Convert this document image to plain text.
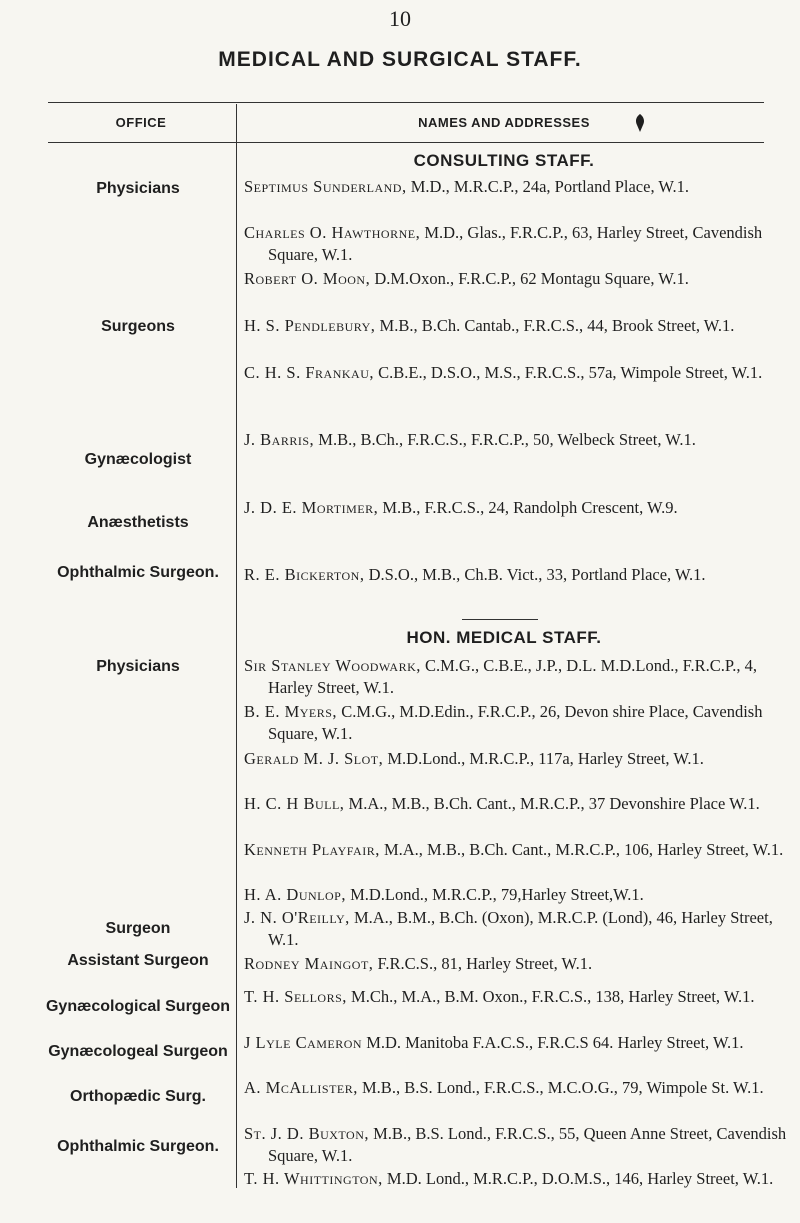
10
MEDICAL AND SURGICAL STAFF.
OFFICE	NAMES AND ADDRESSES
CONSULTING STAFF.
Physicians
Surgeons
Gynæcologist
Anæsthetists
Ophthalmic Surgeon.
Septimus Sunderland, M.D., M.R.C.P., 24a, Portland Place, W.1.
Charles O. Hawthorne, M.D., Glas., F.R.C.P., 63, Harley Street, Cavendish Square, W.1.
Robert O. Moon, D.M.Oxon., F.R.C.P., 62 Montagu Square, W.1.
H. S. Pendlebury, M.B., B.Ch. Cantab., F.R.C.S., 44, Brook Street, W.1.
C. H. S. Frankau, C.B.E., D.S.O., M.S., F.R.C.S., 57a, Wimpole Street, W.1.
J. Barris, M.B., B.Ch., F.R.C.S., F.R.C.P., 50, Welbeck Street, W.1.
J. D. E. Mortimer, M.B., F.R.C.S., 24, Randolph Crescent, W.9.
R. E. Bickerton, D.S.O., M.B., Ch.B. Vict., 33, Portland Place, W.1.
HON. MEDICAL STAFF.
Physicians
Surgeon
Assistant Surgeon
Gynæcological Surgeon
Gynæcologeal Surgeon
Orthopædic Surg.
Ophthalmic Surgeon.
Sir Stanley Woodwark, C.M.G., C.B.E., J.P., D.L. M.D.Lond., F.R.C.P., 4, Harley Street, W.1.
B. E. Myers, C.M.G., M.D.Edin., F.R.C.P., 26, Devon shire Place, Cavendish Square, W.1.
Gerald M. J. Slot, M.D.Lond., M.R.C.P., 117a, Harley Street, W.1.
H. C. H Bull, M.A., M.B., B.Ch. Cant., M.R.C.P., 37 Devonshire Place W.1.
Kenneth Playfair, M.A., M.B., B.Ch. Cant., M.R.C.P., 106, Harley Street, W.1.
H. A. Dunlop, M.D.Lond., M.R.C.P., 79,Harley Street,W.1.
J. N. O'Reilly, M.A., B.M., B.Ch. (Oxon), M.R.C.P. (Lond), 46, Harley Street, W.1.
Rodney Maingot, F.R.C.S., 81, Harley Street, W.1.
T. H. Sellors, M.Ch., M.A., B.M. Oxon., F.R.C.S., 138, Harley Street, W.1.
J Lyle Cameron M.D. Manitoba F.A.C.S., F.R.C.S 64. Harley Street, W.1.
A. McAllister, M.B., B.S. Lond., F.R.C.S., M.C.O.G., 79, Wimpole St. W.1.
St. J. D. Buxton, M.B., B.S. Lond., F.R.C.S., 55, Queen Anne Street, Cavendish Square, W.1.
T. H. Whittington, M.D. Lond., M.R.C.P., D.O.M.S., 146, Harley Street, W.1.
